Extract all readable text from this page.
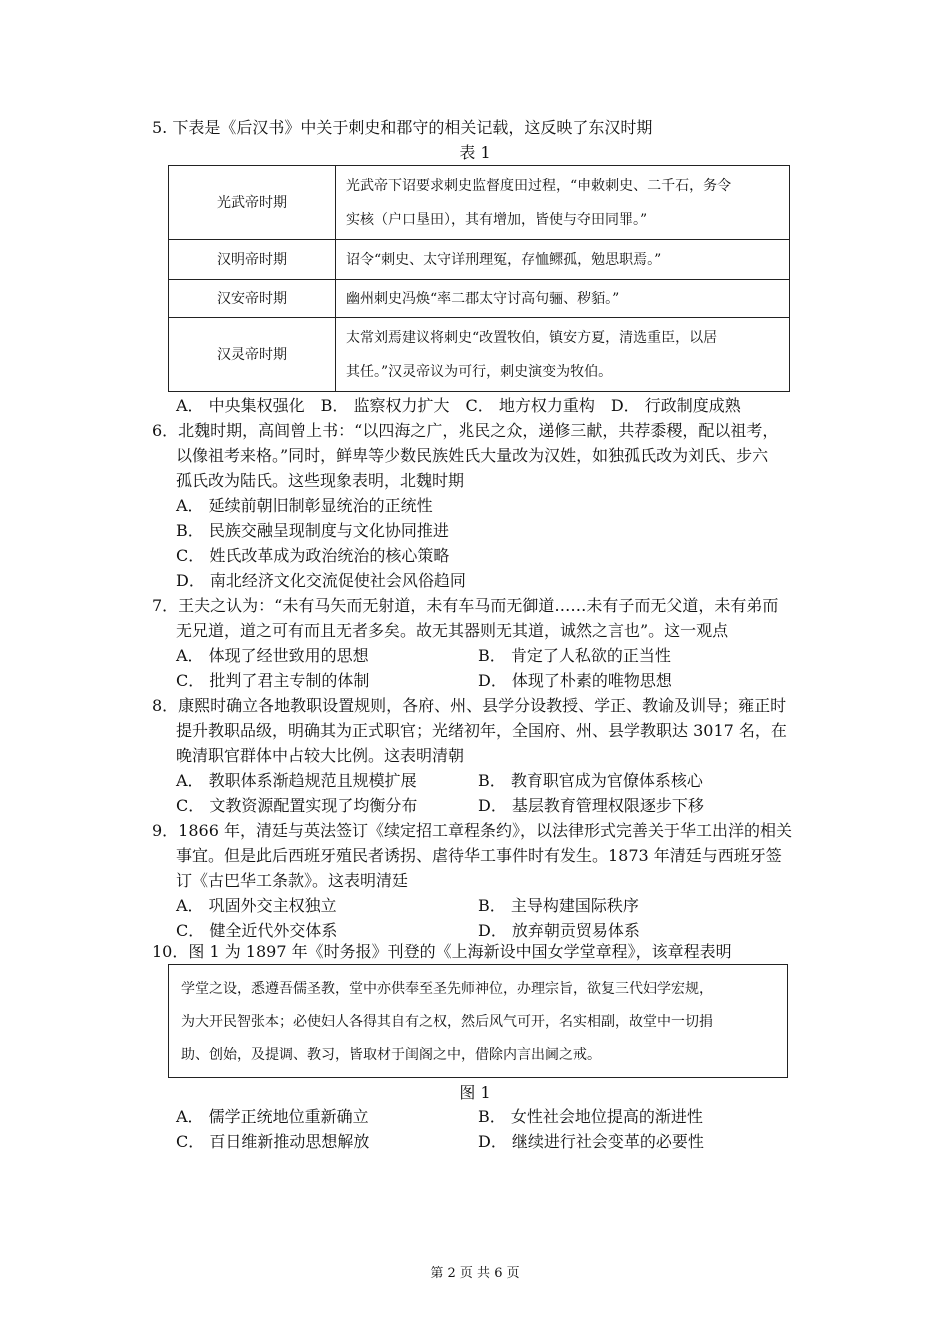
5. 下表是《后汉书》中关于刺史和郡守的相关记载，这反映了东汉时期
表 1
光武帝时期	光武帝下诏要求刺史监督度田过程，“申敕刺史、二千石，务令
实核（户口垦田），其有增加，皆使与夺田同罪。”

汉明帝时期	诏令“刺史、太守详刑理冤，存恤鳏孤，勉思职焉。”
汉安帝时期	幽州刺史冯焕“率二郡太守讨高句骊、秽貊。”
汉灵帝时期	太常刘焉建议将刺史“改置牧伯，镇安方夏，清选重臣，以居
其任。”汉灵帝议为可行，刺史演变为牧伯。
A． 中央集权强化　B． 监察权力扩大　C． 地方权力重构　D． 行政制度成熟
6．北魏时期，高闾曾上书：“以四海之广，兆民之众，递修三献，共荐黍稷，配以祖考，
以像祖考来格。”同时，鲜卑等少数民族姓氏大量改为汉姓，如独孤氏改为刘氏、步六
孤氏改为陆氏。这些现象表明，北魏时期
A． 延续前朝旧制彰显统治的正统性
B． 民族交融呈现制度与文化协同推进
C． 姓氏改革成为政治统治的核心策略
D． 南北经济文化交流促使社会风俗趋同
7．王夫之认为：“未有马矢而无射道，未有车马而无御道……未有子而无父道，未有弟而
无兄道，道之可有而且无者多矣。故无其器则无其道，诚然之言也”。这一观点
A． 体现了经世致用的思想	B． 肯定了人私欲的正当性
C． 批判了君主专制的体制	D． 体现了朴素的唯物思想
8．康熙时确立各地教职设置规则，各府、州、县学分设教授、学正、教谕及训导；雍正时
提升教职品级，明确其为正式职官；光绪初年，全国府、州、县学教职达 3017 名，在
晚清职官群体中占较大比例。这表明清朝
A． 教职体系渐趋规范且规模扩展	B． 教育职官成为官僚体系核心
C． 文教资源配置实现了均衡分布	D． 基层教育管理权限逐步下移
9．1866 年，清廷与英法签订《续定招工章程条约》，以法律形式完善关于华工出洋的相关
事宜。但是此后西班牙殖民者诱拐、虐待华工事件时有发生。1873 年清廷与西班牙签
订《古巴华工条款》。这表明清廷
A． 巩固外交主权独立	B． 主导构建国际秩序
C． 健全近代外交体系	D． 放弃朝贡贸易体系
10．图 1 为 1897 年《时务报》刊登的《上海新设中国女学堂章程》，该章程表明

学堂之设，悉遵吾儒圣教，堂中亦供奉至圣先师神位，办理宗旨，欲复三代妇学宏规，

为大开民智张本；必使妇人各得其自有之权，然后风气可开，名实相副，故堂中一切捐

助、创始，及提调、教习，皆取材于闺阁之中，借除内言出阃之戒。

图 1
A． 儒学正统地位重新确立	B． 女性社会地位提高的渐进性
C． 百日维新推动思想解放	D． 继续进行社会变革的必要性
第 2 页 共 6 页
